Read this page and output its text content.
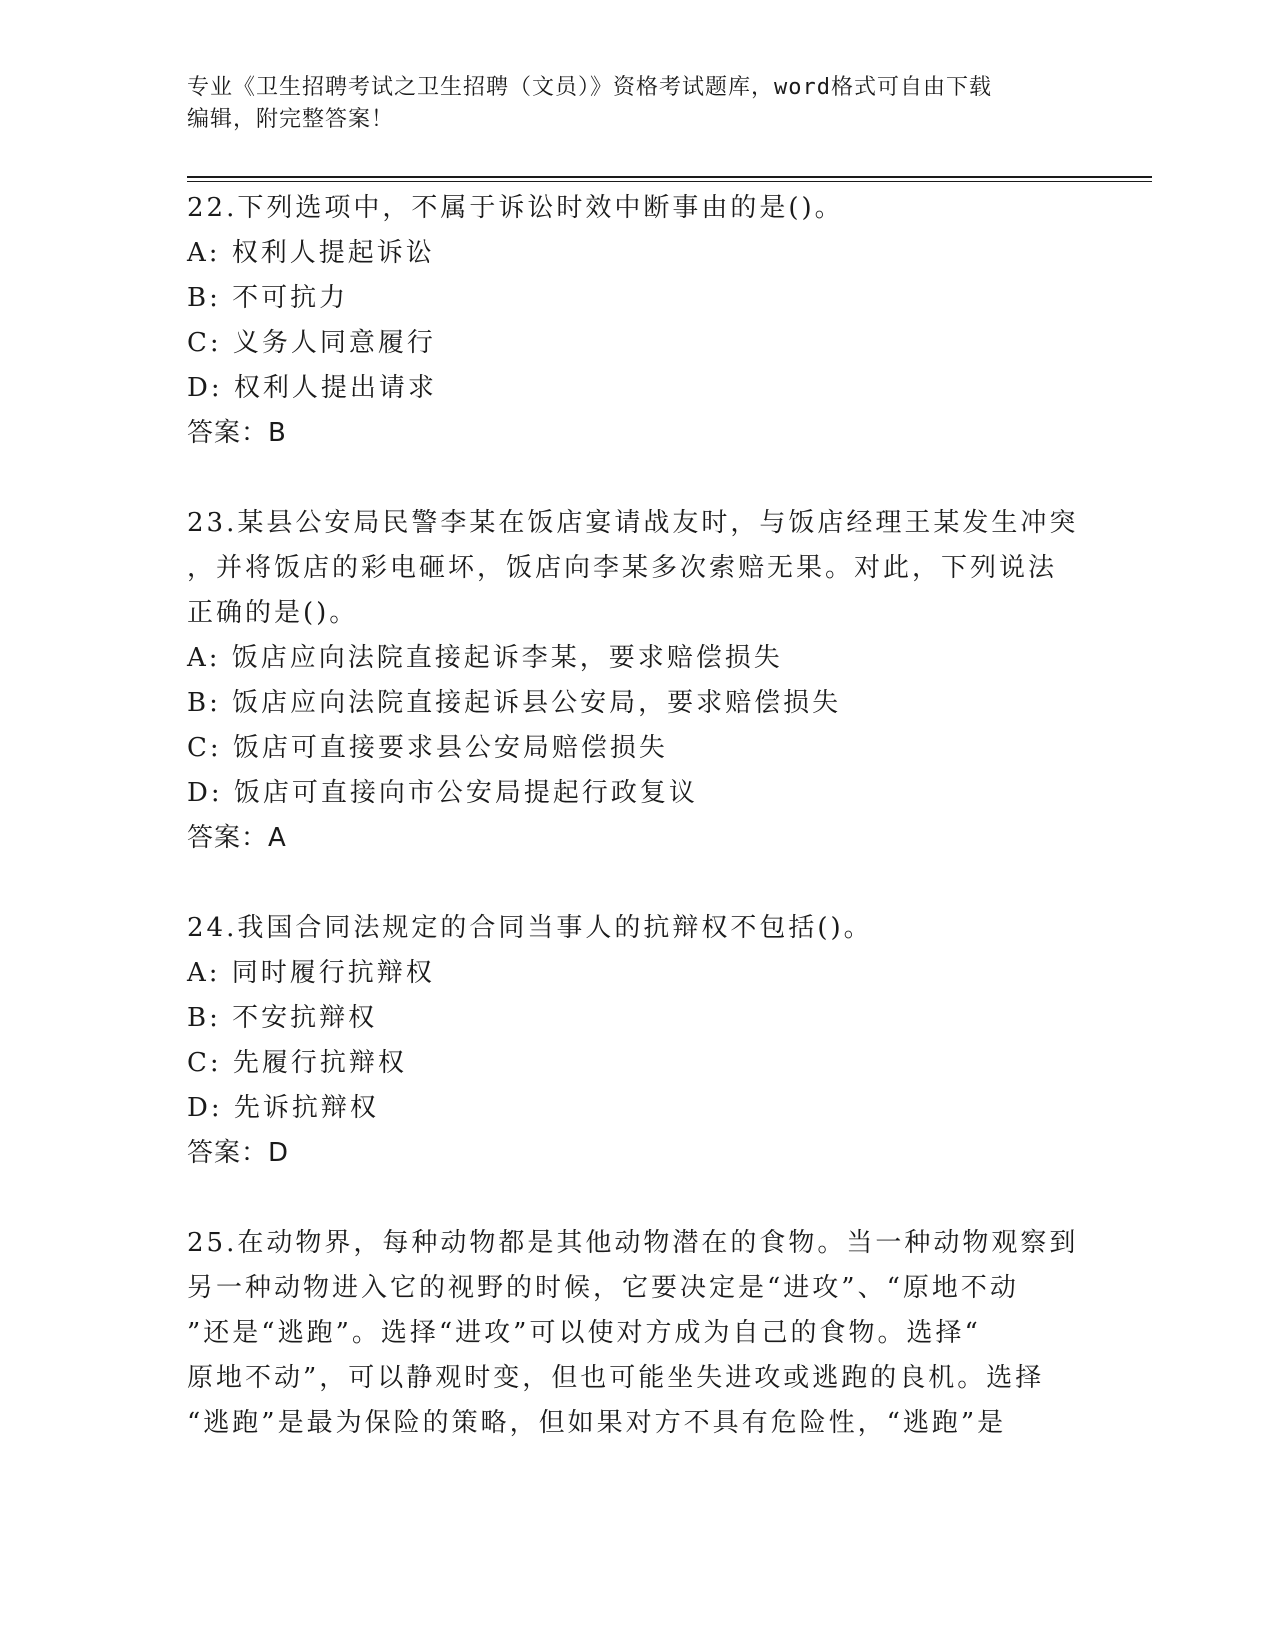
专业《卫生招聘考试之卫生招聘（文员）》资格考试题库，word格式可自由下载
编辑，附完整答案！

22.下列选项中，不属于诉讼时效中断事由的是()。

A: 权利人提起诉讼

B: 不可抗力

C: 义务人同意履行

D: 权利人提出请求

答案：B

23.某县公安局民警李某在饭店宴请战友时，与饭店经理王某发生冲突

，并将饭店的彩电砸坏，饭店向李某多次索赔无果。对此，下列说法

正确的是()。

A: 饭店应向法院直接起诉李某，要求赔偿损失

B: 饭店应向法院直接起诉县公安局，要求赔偿损失

C: 饭店可直接要求县公安局赔偿损失

D: 饭店可直接向市公安局提起行政复议

答案：A

24.我国合同法规定的合同当事人的抗辩权不包括()。

A: 同时履行抗辩权

B: 不安抗辩权

C: 先履行抗辩权

D: 先诉抗辩权

答案：D

25.在动物界，每种动物都是其他动物潜在的食物。当一种动物观察到

另一种动物进入它的视野的时候，它要决定是“进攻”、“原地不动

”还是“逃跑”。选择“进攻”可以使对方成为自己的食物。选择“

原地不动”，可以静观时变，但也可能坐失进攻或逃跑的良机。选择

“逃跑”是最为保险的策略，但如果对方不具有危险性，“逃跑”是
